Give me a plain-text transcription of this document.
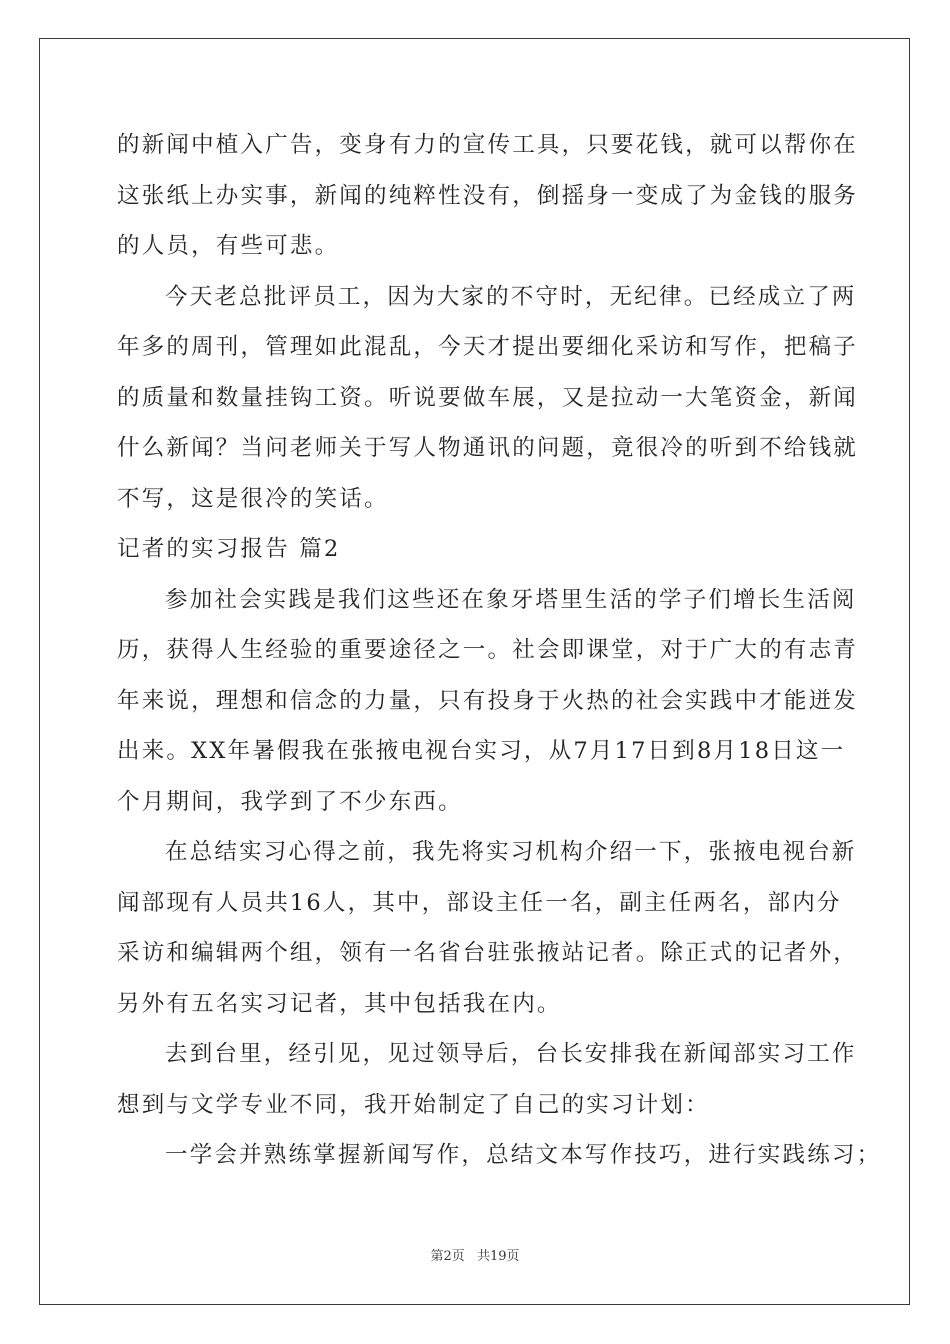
的新闻中植入广告，变身有力的宣传工具，只要花钱，就可以帮你在
这张纸上办实事，新闻的纯粹性没有，倒摇身一变成了为金钱的服务
的人员，有些可悲。
今天老总批评员工，因为大家的不守时，无纪律。已经成立了两
年多的周刊，管理如此混乱，今天才提出要细化采访和写作，把稿子
的质量和数量挂钩工资。听说要做车展，又是拉动一大笔资金，新闻
什么新闻？当问老师关于写人物通讯的问题，竟很冷的听到不给钱就
不写，这是很冷的笑话。
记者的实习报告 篇2
参加社会实践是我们这些还在象牙塔里生活的学子们增长生活阅
历，获得人生经验的重要途径之一。社会即课堂，对于广大的有志青
年来说，理想和信念的力量，只有投身于火热的社会实践中才能迸发
出来。XX年暑假我在张掖电视台实习，从7月17日到8月18日这一
个月期间，我学到了不少东西。
在总结实习心得之前，我先将实习机构介绍一下，张掖电视台新
闻部现有人员共16人，其中，部设主任一名，副主任两名，部内分
采访和编辑两个组，领有一名省台驻张掖站记者。除正式的记者外，
另外有五名实习记者，其中包括我在内。
去到台里，经引见，见过领导后，台长安排我在新闻部实习工作
想到与文学专业不同，我开始制定了自己的实习计划：
一学会并熟练掌握新闻写作，总结文本写作技巧，进行实践练习；
第2页 共19页
